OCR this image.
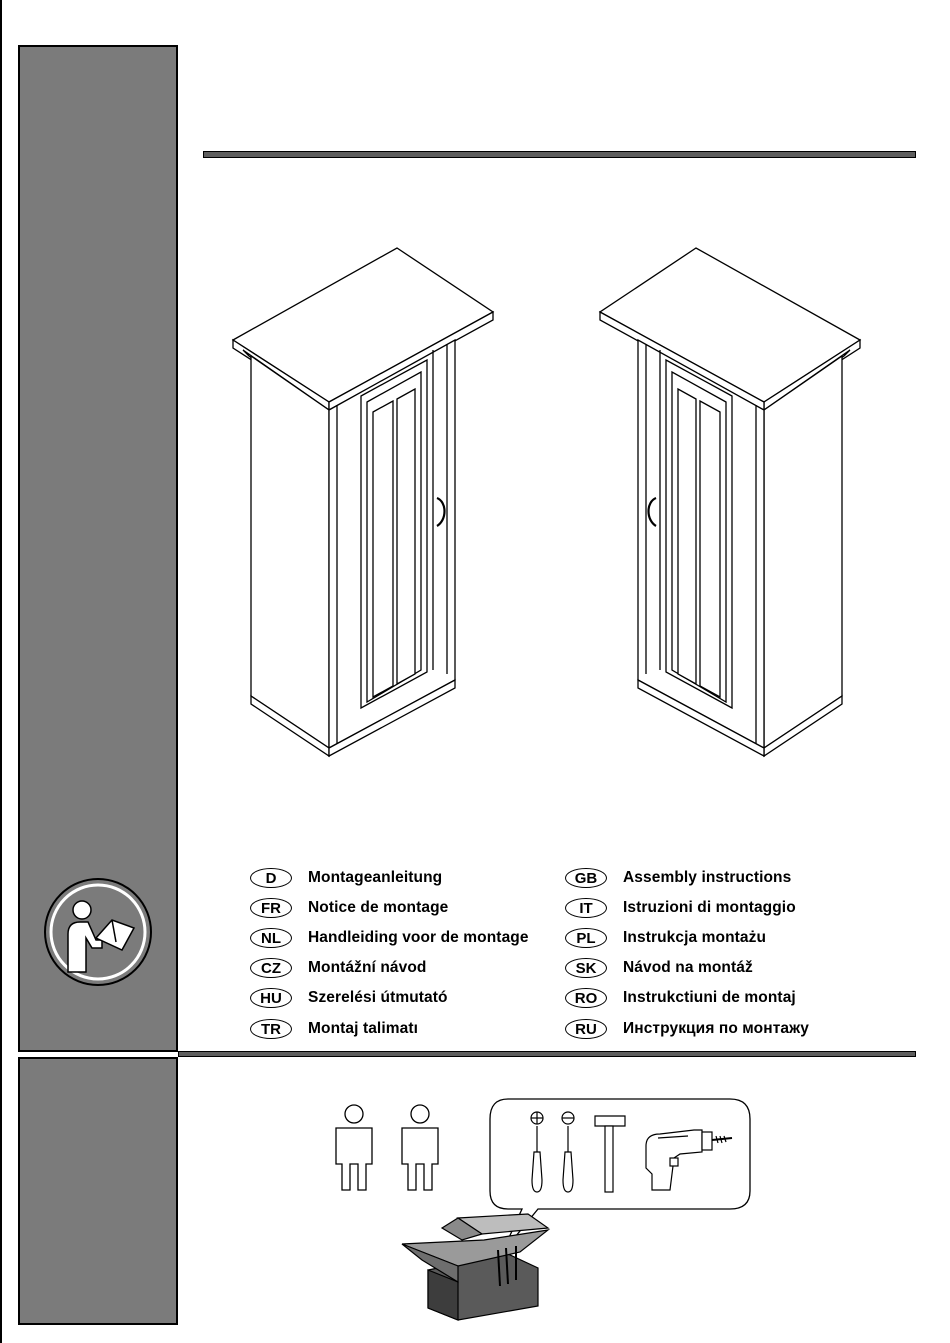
D	Montageanleitung
FR	Notice de montage
NL	Handleiding voor de montage
CZ	Montážní návod
HU	Szerelési útmutató
TR	Montaj talimatı
GB	Assembly instructions
IT	Istruzioni di montaggio
PL	Instrukcja montażu
SK	Návod na montáž
RO	Instrukctiuni de montaj
RU	Инструкция по монтажу
